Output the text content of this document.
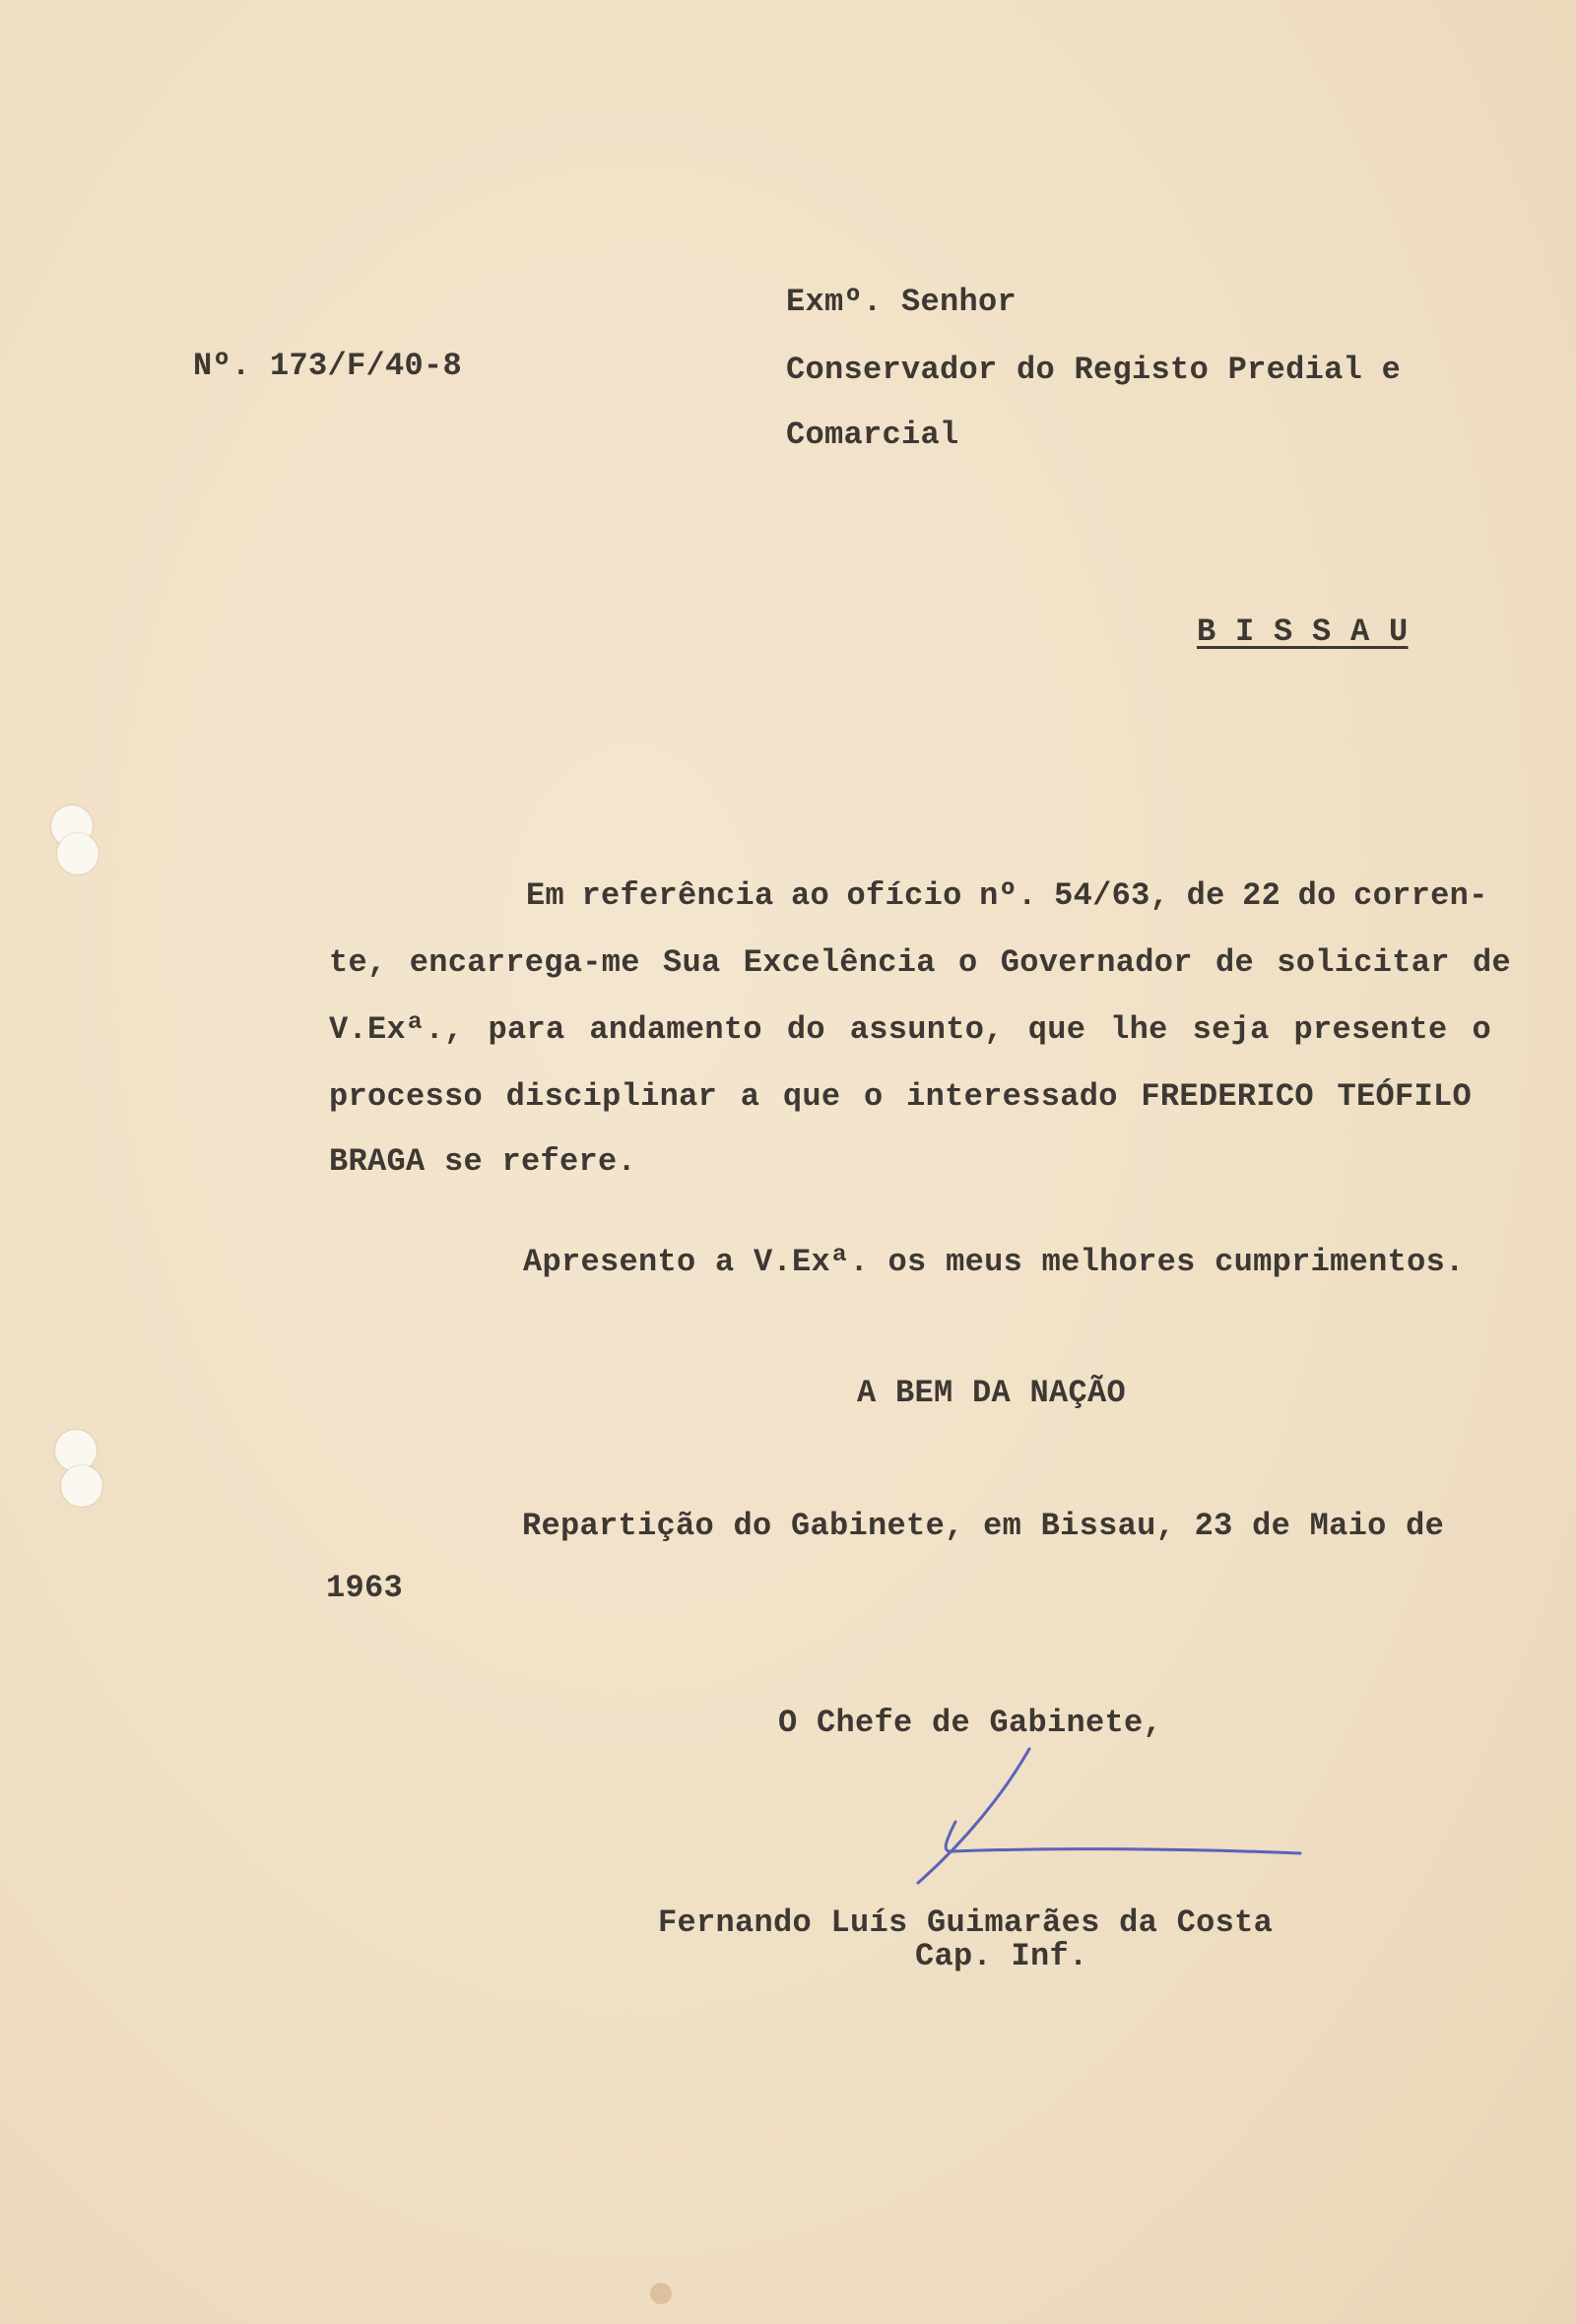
Exmº. Senhor
Nº. 173/F/40-8	Conservador do Registo Predial e
Comarcial
B I S S A U
Em referência ao ofício nº. 54/63, de 22 do corren-
te, encarrega-me Sua Excelência o Governador de solicitar de
V.Exª., para andamento do assunto, que lhe seja presente o
processo disciplinar a que o interessado FREDERICO TEÓFILO
BRAGA se refere.
Apresento a V.Exª. os meus melhores cumprimentos.
A BEM DA NAÇÃO
Repartição do Gabinete, em Bissau, 23 de Maio de
1963
O Chefe de Gabinete,
Fernando Luís Guimarães da Costa
Cap. Inf.
